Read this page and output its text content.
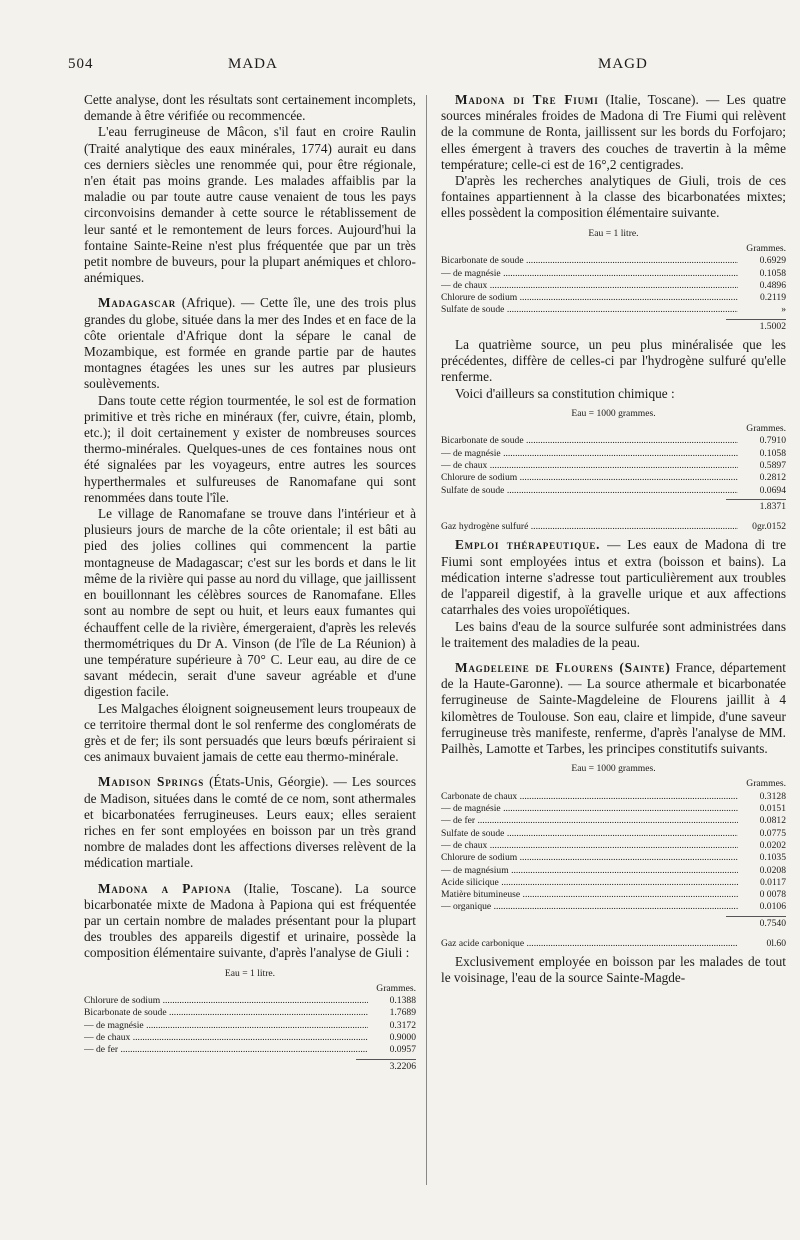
504	MADA	MAGD

Cette analyse, dont les résultats sont certainement incomplets, demande à être vérifiée ou recommencée.

L'eau ferrugineuse de Mâcon, s'il faut en croire Raulin (Traité analytique des eaux minérales, 1774) aurait eu dans ces derniers siècles une renommée qui, pour être régionale, n'en était pas moins grande. Les malades affaiblis par la maladie ou par toute autre cause venaient de tous les pays circonvoisins demander à cette source le rétablissement de leur santé et le remontement de leurs forces. Aujourd'hui la fontaine Sainte-Reine n'est plus fréquentée que par un très petit nombre de buveurs, pour la plupart anémiques et chloro-anémiques.

Madagascar (Afrique). — Cette île, une des trois plus grandes du globe, située dans la mer des Indes et en face de la côte orientale d'Afrique dont la sépare le canal de Mozambique, est formée en grande partie par de hautes montagnes étagées les unes sur les autres par plusieurs soulèvements.

Dans toute cette région tourmentée, le sol est de formation primitive et très riche en minéraux (fer, cuivre, étain, plomb, etc.); il doit certainement y exister de nombreuses sources thermo-minérales. Quelques-unes de ces fontaines nous ont été signalées par les voyageurs, entre autres les sources hyperthermales et sulfureuses de Ranomafane qui sont renommées dans toute l'île.

Le village de Ranomafane se trouve dans l'intérieur et à plusieurs jours de marche de la côte orientale; il est bâti au pied des jolies collines qui commencent la partie montagneuse de Madagascar; c'est sur les bords et dans le lit même de la rivière qui passe au nord du village, que jaillissent en bouillonnant les célèbres sources de Ranomafane. Elles sont au nombre de sept ou huit, et leurs eaux fumantes qui échauffent celle de la rivière, émergeraient, d'après les relevés thermométriques du Dr A. Vinson (de l'île de La Réunion) à une température supérieure à 70° C. Leur eau, au dire de ce savant médecin, serait d'une saveur agréable et d'une digestion facile.

Les Malgaches éloignent soigneusement leurs troupeaux de ce territoire thermal dont le sol renferme des conglomérats de grès et de fer; ils sont persuadés que leurs bœufs périraient si ces animaux buvaient jamais de cette eau thermo-minérale.

Madison Springs (États-Unis, Géorgie). — Les sources de Madison, situées dans le comté de ce nom, sont athermales et bicarbonatées ferrugineuses. Leurs eaux; elles seraient riches en fer sont employées en boisson par un très grand nombre de malades dont les affections diverses relèvent de la médication martiale.

Madona a Papiona (Italie, Toscane). La source bicarbonatée mixte de Madona à Papiona qui est fréquentée par un certain nombre de malades présentant pour la plupart des troubles des appareils digestif et urinaire, possède la composition élémentaire suivante, d'après l'analyse de Giuli :

Eau = 1 litre.
Grammes.
Chlorure de sodium .....	0.1388
Bicarbonate de soude .....	1.7689
— de magnésie .....	0.3172
— de chaux .....	0.9000
— de fer .....	0.0957
3.2206

Madona di Tre Fiumi (Italie, Toscane). — Les quatre sources minérales froides de Madona di Tre Fiumi qui relèvent de la commune de Ronta, jaillissent sur les bords du Forfojaro; elles émergent à travers des couches de travertin à la même température; celle-ci est de 16°,2 centigrades.

D'après les recherches analytiques de Giuli, trois de ces fontaines appartiennent à la classe des bicarbonatées mixtes; elles possèdent la composition élémentaire suivante.

Eau = 1 litre.
Grammes.
Bicarbonate de soude .....	0.6929
— de magnésie .....	0.1058
— de chaux .....	0.4896
Chlorure de sodium .....	0.2119
Sulfate de soude .....	»
1.5002

La quatrième source, un peu plus minéralisée que les précédentes, diffère de celles-ci par l'hydrogène sulfuré qu'elle renferme.

Voici d'ailleurs sa constitution chimique :

Eau = 1000 grammes.
Grammes.
Bicarbonate de soude .....	0.7910
— de magnésie .....	0.1058
— de chaux .....	0.5897
Chlorure de sodium .....	0.2812
Sulfate de soude .....	0.0694
1.8371
Gaz hydrogène sulfuré .....	0gr.0152

Emploi thérapeutique. — Les eaux de Madona di tre Fiumi sont employées intus et extra (boisson et bains). La médication interne s'adresse tout particulièrement aux troubles de l'appareil digestif, à la gravelle urique et aux affections catarrhales des voies uropoïétiques.

Les bains d'eau de la source sulfurée sont administrées dans le traitement des maladies de la peau.

Magdeleine de Flourens (Sainte) France, département de la Haute-Garonne). — La source athermale et bicarbonatée ferrugineuse de Sainte-Magdeleine de Flourens jaillit à 4 kilomètres de Toulouse. Son eau, claire et limpide, d'une saveur ferrugineuse très manifeste, renferme, d'après l'analyse de MM. Pailhès, Lamotte et Tarbes, les principes constitutifs suivants.

Eau = 1000 grammes.
Grammes.
Carbonate de chaux .....	0.3128
— de magnésie .....	0.0151
— de fer .....	0.0812
Sulfate de soude .....	0.0775
— de chaux .....	0.0202
Chlorure de sodium .....	0.1035
— de magnésium .....	0.0208
Acide silicique .....	0.0117
Matière bitumineuse .....	0 0078
— organique .....	0.0106
0.7540
Gaz acide carbonique .....	0l.60

Exclusivement employée en boisson par les malades de tout le voisinage, l'eau de la source Sainte-Magde-
